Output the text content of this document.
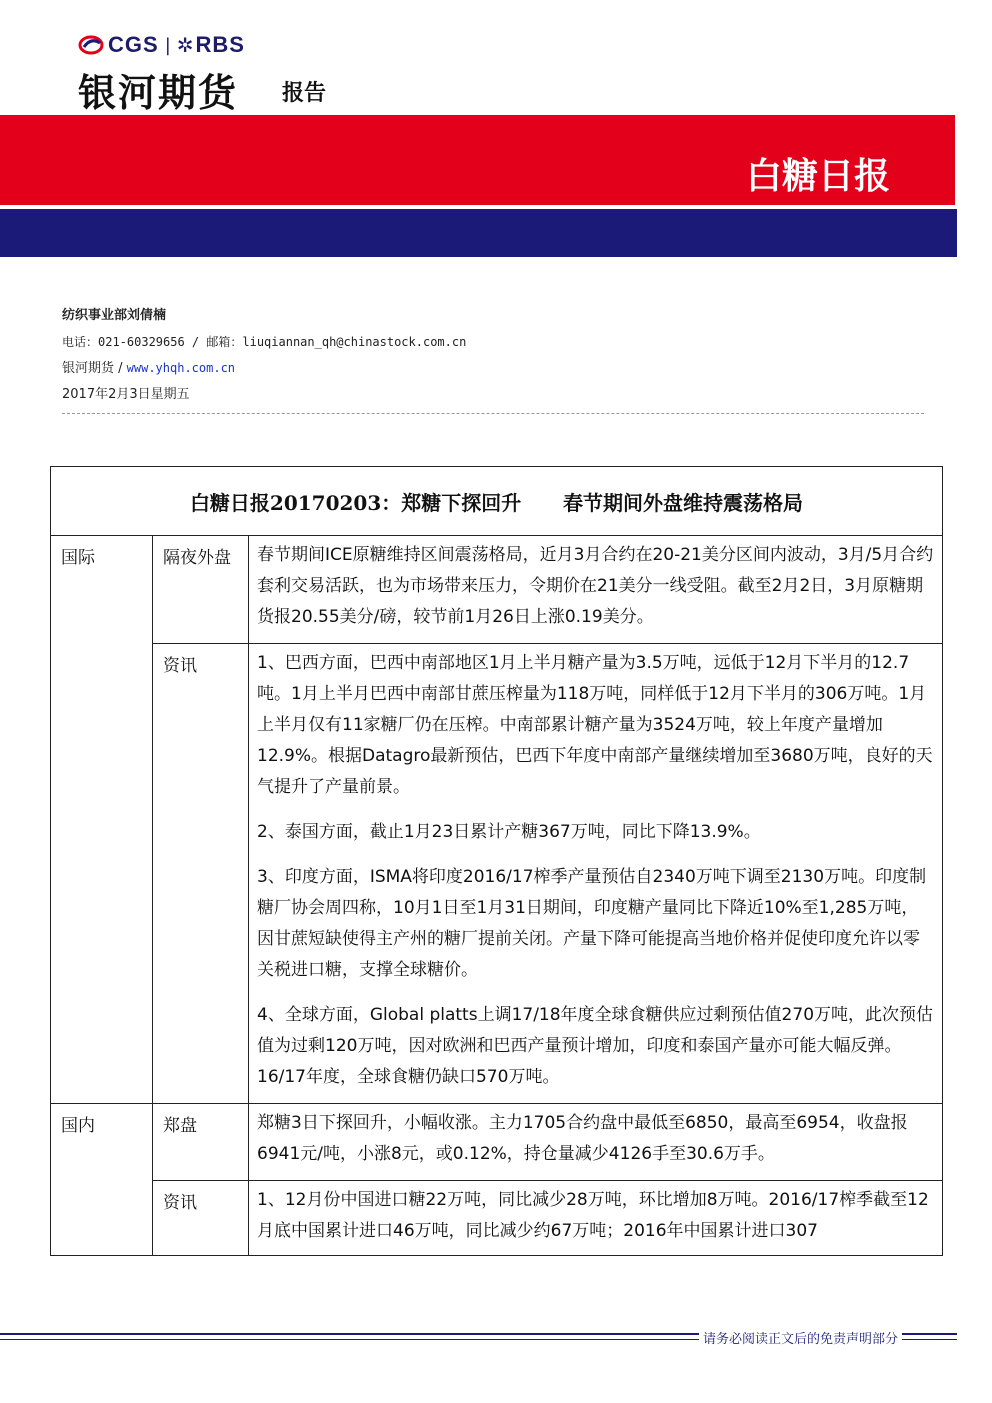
CGS | ✲ RBS
银河期货	报告
白糖日报
纺织事业部刘倩楠
电话：021-60329656 / 邮箱：liuqiannan_qh@chinastock.com.cn
银河期货 / www.yhqh.com.cn
2017年2月3日星期五
白糖日报20170203：郑糖下探回升      春节期间外盘维持震荡格局		
国际	隔夜外盘	春节期间ICE原糖维持区间震荡格局，近月3月合约在20-21美分区间内波动，3月/5月合约套利交易活跃，也为市场带来压力，令期价在21美分一线受阻。截至2月2日，3月原糖期货报20.55美分/磅，较节前1月26日上涨0.19美分。

	资讯	1、巴西方面，巴西中南部地区1月上半月糖产量为3.5万吨，远低于12月下半月的12.7吨。1月上半月巴西中南部甘蔗压榨量为118万吨，同样低于12月下半月的306万吨。1月上半月仅有11家糖厂仍在压榨。中南部累计糖产量为3524万吨，较上年度产量增加12.9%。根据Datagro最新预估，巴西下年度中南部产量继续增加至3680万吨，良好的天气提升了产量前景。

2、泰国方面，截止1月23日累计产糖367万吨，同比下降13.9%。

3、印度方面，ISMA将印度2016/17榨季产量预估自2340万吨下调至2130万吨。印度制糖厂协会周四称，10月1日至1月31日期间，印度糖产量同比下降近10%至1,285万吨，因甘蔗短缺使得主产州的糖厂提前关闭。产量下降可能提高当地价格并促使印度允许以零关税进口糖，支撑全球糖价。

4、全球方面，Global platts上调17/18年度全球食糖供应过剩预估值270万吨，此次预估值为过剩120万吨，因对欧洲和巴西产量预计增加，印度和泰国产量亦可能大幅反弹。16/17年度，全球食糖仍缺口570万吨。

国内	郑盘	郑糖3日下探回升，小幅收涨。主力1705合约盘中最低至6850，最高至6954，收盘报6941元/吨，小涨8元，或0.12%，持仓量减少4126手至30.6万手。

	资讯	1、12月份中国进口糖22万吨，同比减少28万吨，环比增加8万吨。2016/17榨季截至12月底中国累计进口46万吨，同比减少约67万吨；2016年中国累计进口307

请务必阅读正文后的免责声明部分
